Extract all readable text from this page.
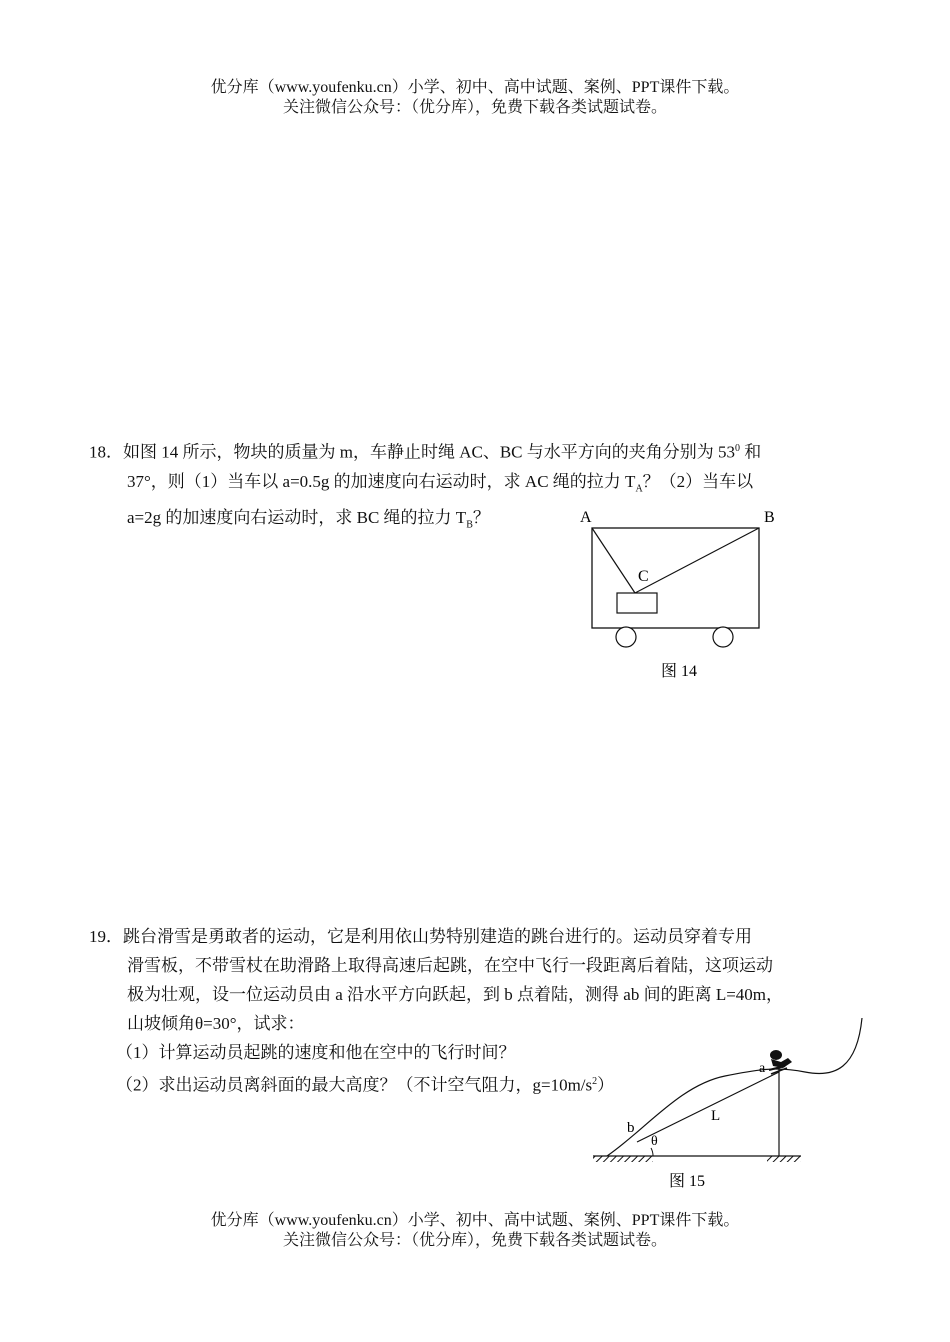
优分库（www.youfenku.cn）小学、初中、高中试题、案例、PPT课件下载。
关注微信公众号：（优分库），免费下载各类试题试卷。
18．如图 14 所示，物块的质量为 m，车静止时绳 AC、BC 与水平方向的夹角分别为 $53^0$ 和
37°，则（1）当车以 a=0.5g 的加速度向右运动时，求 AC 绳的拉力 $T_A$？（2）当车以
a=2g 的加速度向右运动时，求 BC 绳的拉力 $T_B$？	A	B
C
图 14
19．跳台滑雪是勇敢者的运动，它是利用依山势特别建造的跳台进行的。运动员穿着专用
滑雪板，不带雪杖在助滑路上取得高速后起跳，在空中飞行一段距离后着陆，这项运动
极为壮观，设一位运动员由 a 沿水平方向跃起，到 b 点着陆，测得 ab 间的距离 L=40m，
山坡倾角θ=30°，试求：
（1）计算运动员起跳的速度和他在空中的飞行时间？
（2）求出运动员离斜面的最大高度？（不计空气阻力，$g=10m/s^2$）
a
b
L
θ
图 15
优分库（www.youfenku.cn）小学、初中、高中试题、案例、PPT课件下载。
关注微信公众号：（优分库），免费下载各类试题试卷。
